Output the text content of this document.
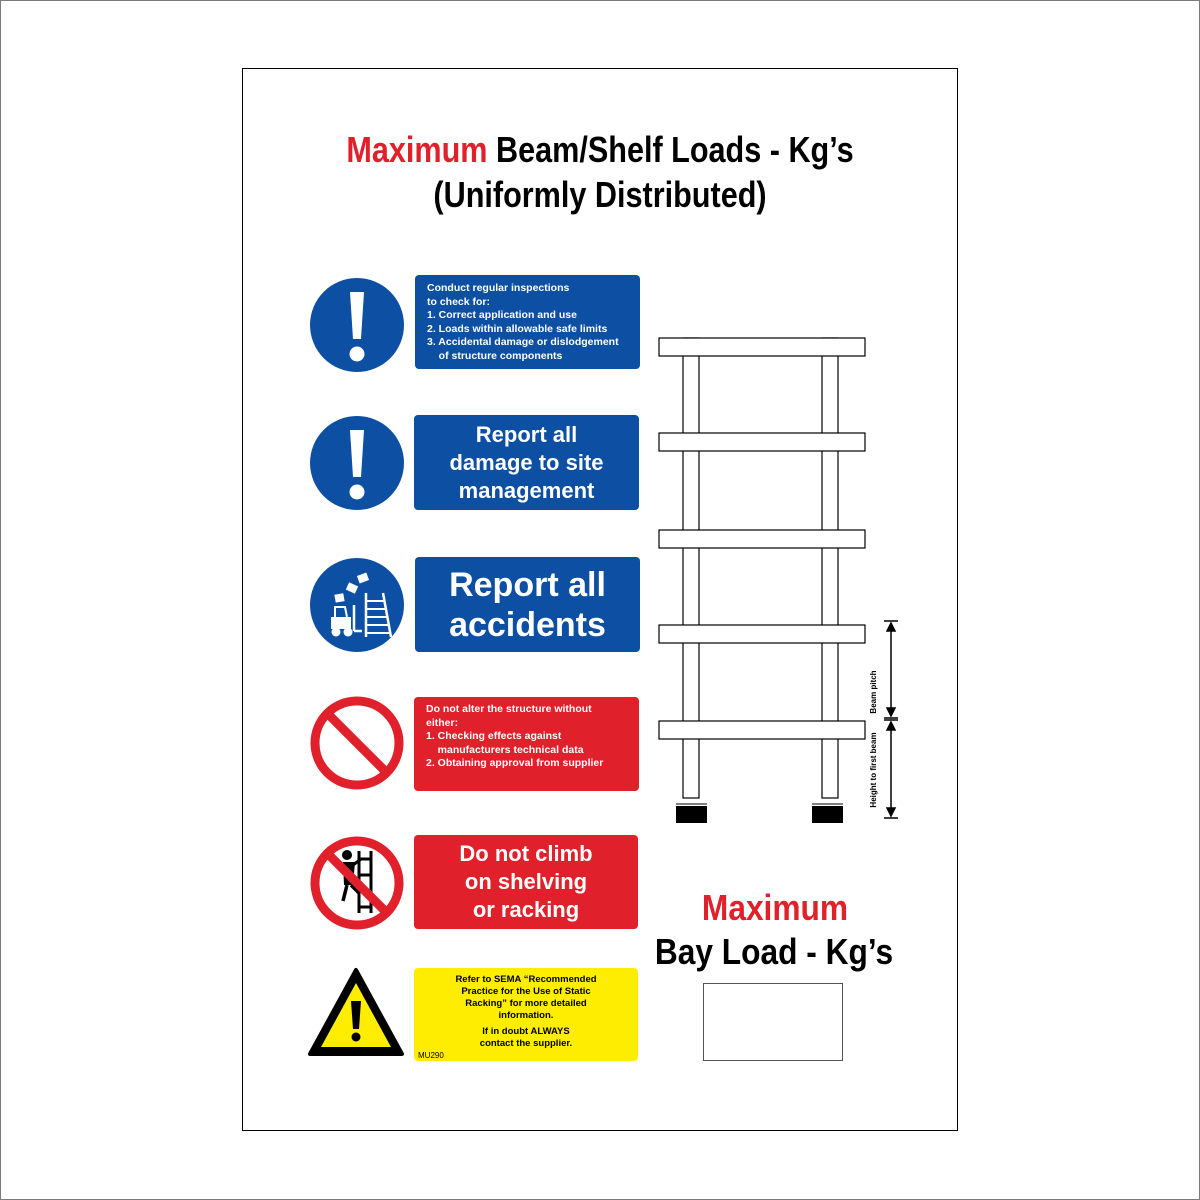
Maximum Beam/Shelf Loads - Kg’s
(Uniformly Distributed)
Conduct regular inspections
to check for:
1. Correct application and use
2. Loads within allowable safe limits
3. Accidental damage or dislodgement
of structure components
Report all
damage to site
management
Report all
accidents
Do not alter the structure without
either:
1. Checking effects against
manufacturers technical data
2. Obtaining approval from supplier
Do not climb
on shelving
or racking
Refer to SEMA “Recommended
Practice for the Use of Static
Racking” for more detailed
information.
If in doubt ALWAYS
contact the supplier.
MU290
Beam pitch
Height to first beam
Maximum
Bay Load - Kg’s
